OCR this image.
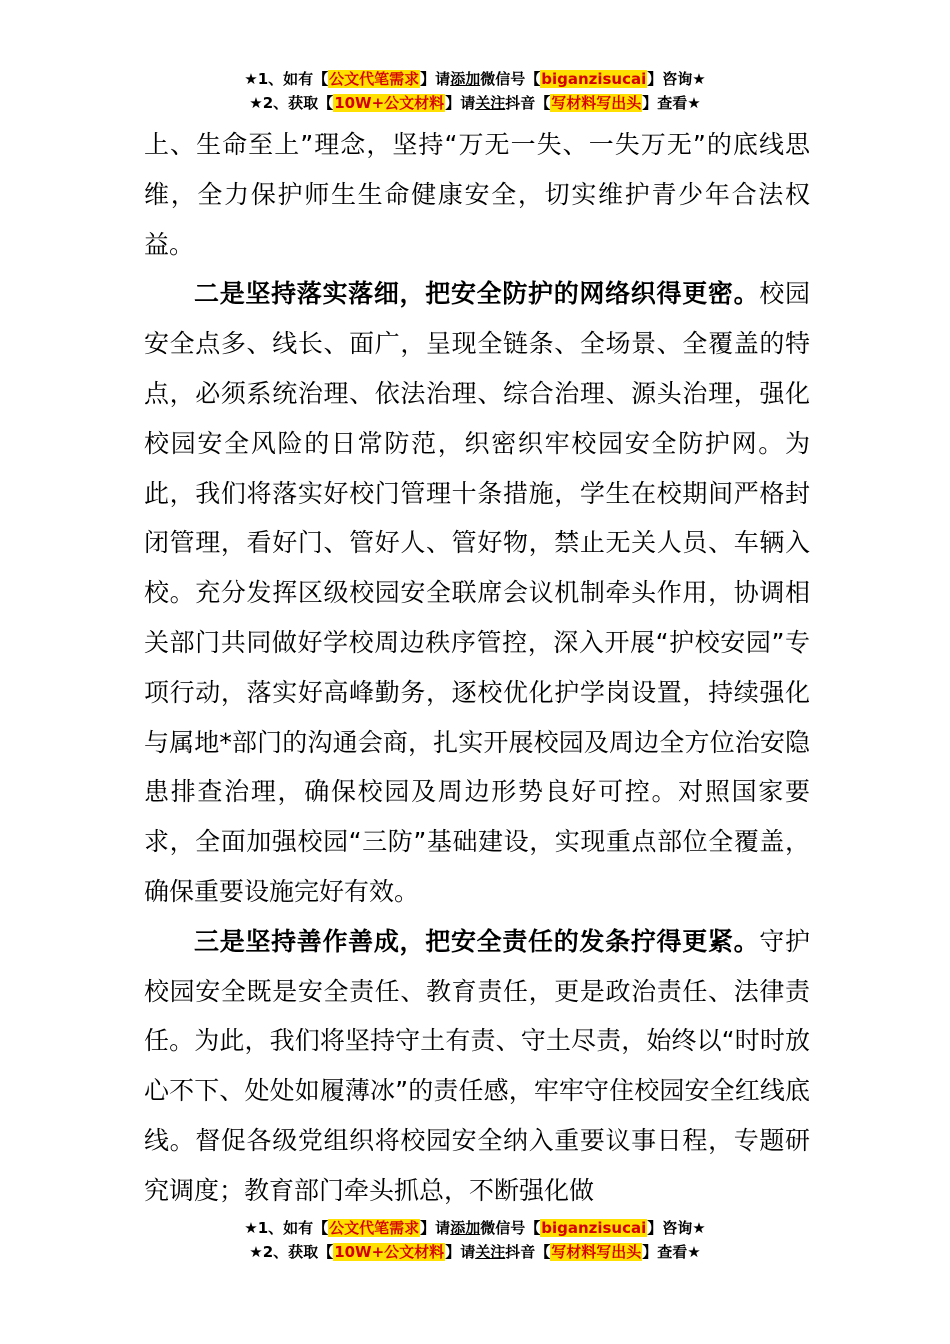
★1、如有【公文代笔需求】请添加微信号【biganzisucai】咨询★
★2、获取【10W+公文材料】请关注抖音【写材料写出头】查看★

上、生命至上”理念，坚持“万无一失、一失万无”的底线思维，全力保护师生生命健康安全，切实维护青少年合法权益。

二是坚持落实落细，把安全防护的网络织得更密。校园安全点多、线长、面广，呈现全链条、全场景、全覆盖的特点，必须系统治理、依法治理、综合治理、源头治理，强化校园安全风险的日常防范，织密织牢校园安全防护网。为此，我们将落实好校门管理十条措施，学生在校期间严格封闭管理，看好门、管好人、管好物，禁止无关人员、车辆入校。充分发挥区级校园安全联席会议机制牵头作用，协调相关部门共同做好学校周边秩序管控，深入开展“护校安园”专项行动，落实好高峰勤务，逐校优化护学岗设置，持续强化与属地*部门的沟通会商，扎实开展校园及周边全方位治安隐患排查治理，确保校园及周边形势良好可控。对照国家要求，全面加强校园“三防”基础建设，实现重点部位全覆盖，确保重要设施完好有效。

三是坚持善作善成，把安全责任的发条拧得更紧。守护校园安全既是安全责任、教育责任，更是政治责任、法律责任。为此，我们将坚持守土有责、守土尽责，始终以“时时放心不下、处处如履薄冰”的责任感，牢牢守住校园安全红线底线。督促各级党组织将校园安全纳入重要议事日程，专题研究调度；教育部门牵头抓总，不断强化做

★1、如有【公文代笔需求】请添加微信号【biganzisucai】咨询★
★2、获取【10W+公文材料】请关注抖音【写材料写出头】查看★
